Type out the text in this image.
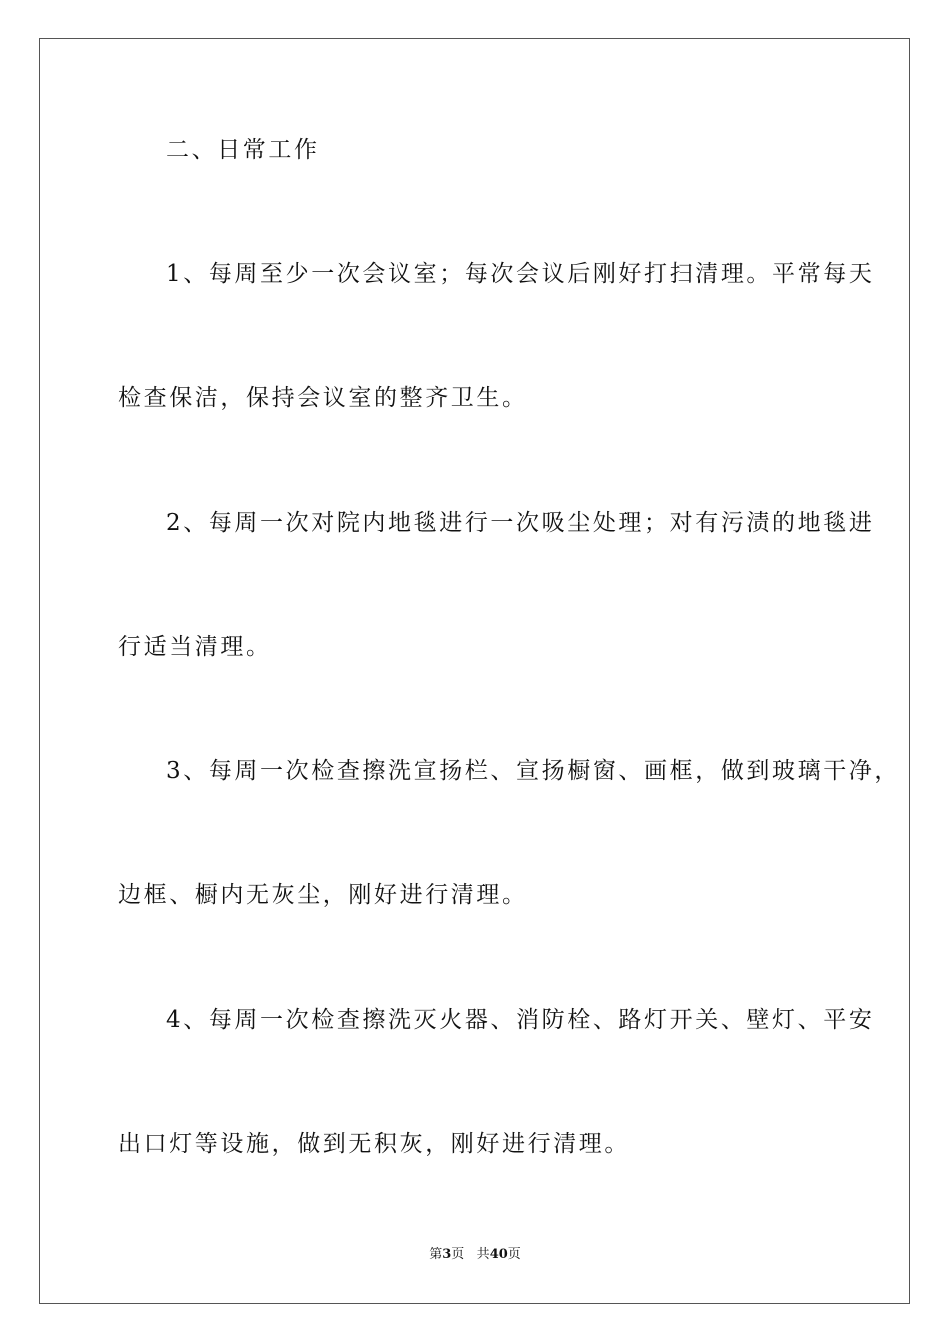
二、日常工作
1、每周至少一次会议室；每次会议后刚好打扫清理。平常每天
检查保洁，保持会议室的整齐卫生。
2、每周一次对院内地毯进行一次吸尘处理；对有污渍的地毯进
行适当清理。
3、每周一次检查擦洗宣扬栏、宣扬橱窗、画框，做到玻璃干净，
边框、橱内无灰尘，刚好进行清理。
4、每周一次检查擦洗灭火器、消防栓、路灯开关、壁灯、平安
出口灯等设施，做到无积灰，刚好进行清理。
第3页 共40页
